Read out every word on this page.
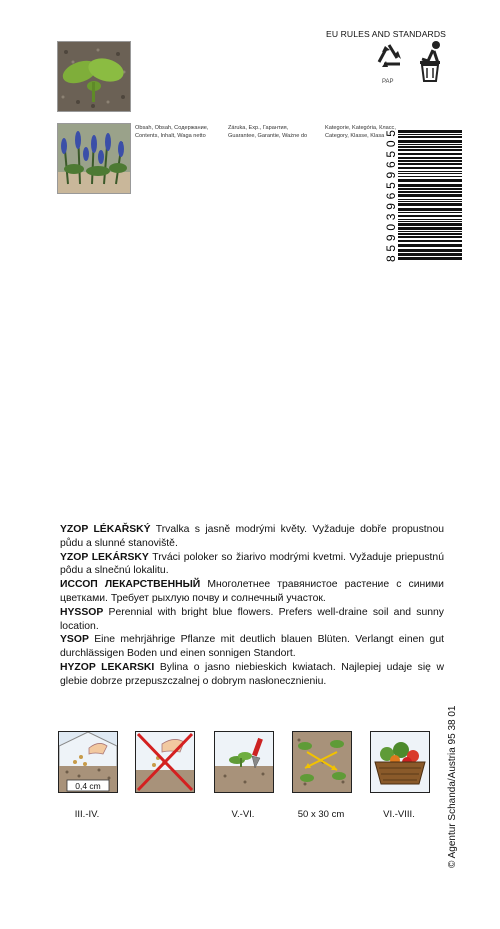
© Agentur Schanda/Austria 95 38 01
EU RULES AND STANDARDS
PAP
Obsah, Obsah, Содержание,
Contents, Inhalt, Waga netto
Záruka, Exp., Гарантия,
Guarantee, Garantie, Ważne do
Kategorie, Kategória, Класс,
Category, Klasse, Klasa
8590396596505

YZOP LÉKAŘSKÝ Trvalka s jasně modrými květy. Vyžaduje dobře propustnou půdu a slunné stanoviště.

YZOP LEKÁRSKY Trváci poloker so žiarivo modrými kvetmi. Vyžaduje priepustnú pôdu a slnečnú lokalitu.

ИССОП ЛЕКАРСТВЕННЫЙ Многолетнее травянистое растение с синими цветками. Требует рыхлую почву и солнечный участок.

HYSSOP Perennial with bright blue flowers. Prefers well-draine soil and sunny location.

YSOP Eine mehrjährige Pflanze mit deutlich blauen Blüten. Verlangt einen gut durchlässigen Boden und einen sonnigen Standort.

HYZOP LEKARSKI Bylina o jasno niebieskich kwiatach. Najlepiej udaje się w glebie dobrze przepuszczalnej o dobrym nasłonecznieniu.

0,4 cm
III.-IV.	V.-VI.	50 x 30 cm	VI.-VIII.
